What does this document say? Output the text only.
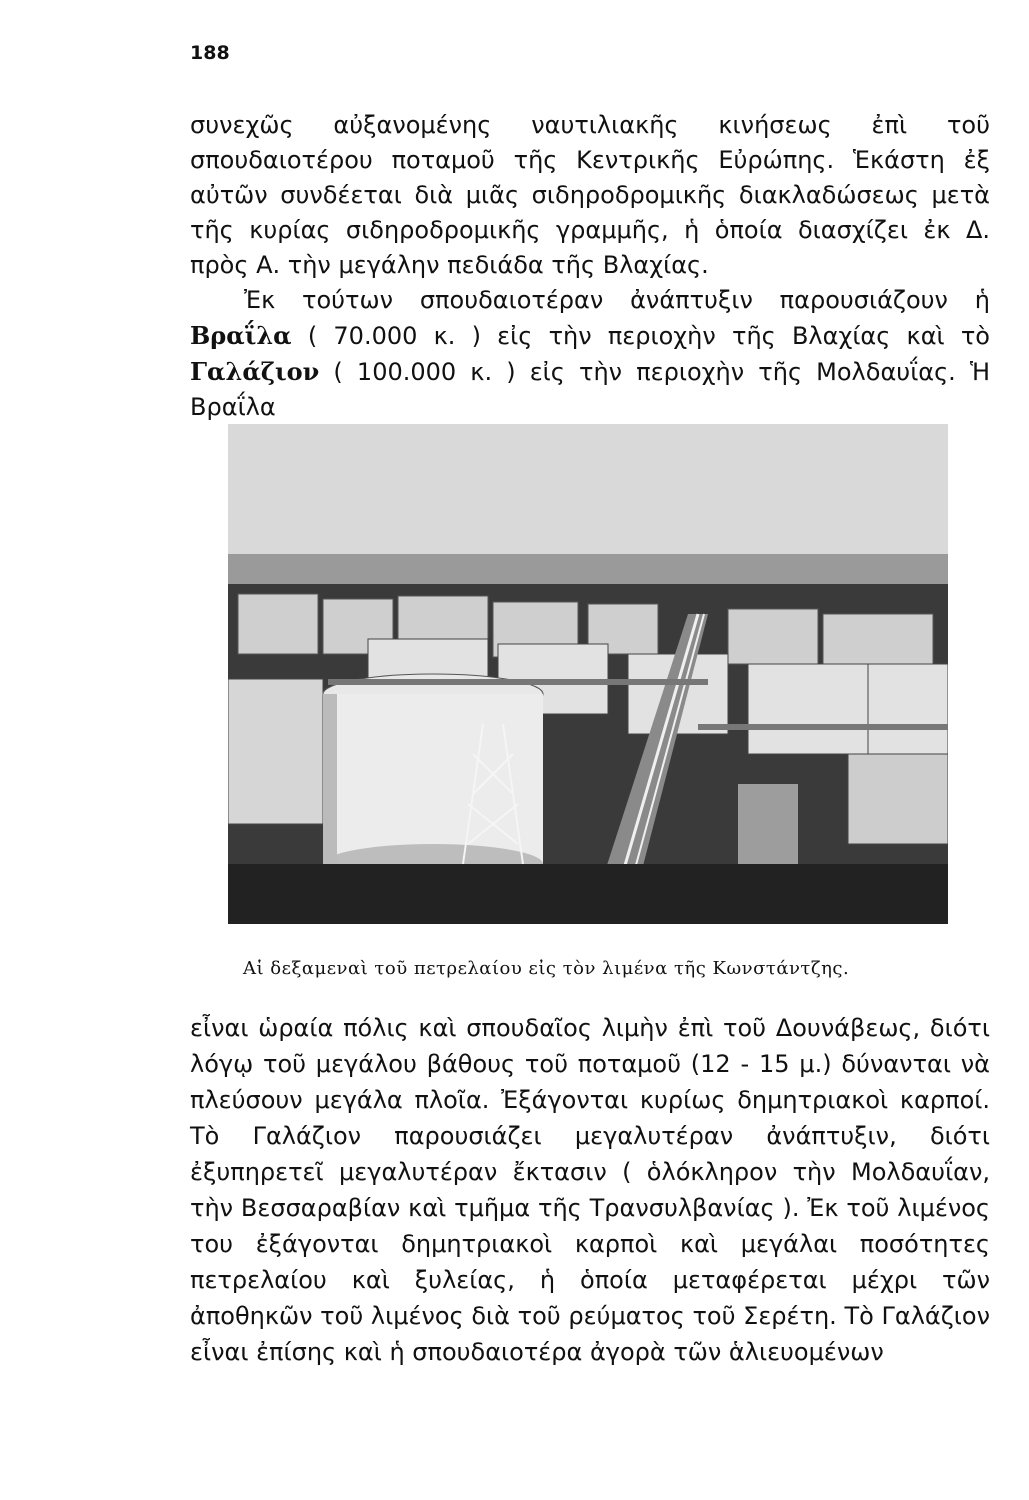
188

συνεχῶς αὐξανομένης ναυτιλιακῆς κινήσεως ἐπὶ τοῦ σπουδαιοτέρου ποταμοῦ τῆς Κεντρικῆς Εὐρώπης. Ἑκάστη ἐξ αὐτῶν συνδέεται διὰ μιᾶς σιδηροδρομικῆς διακλαδώσεως μετὰ τῆς κυρίας σιδηροδρομικῆς γραμμῆς, ἡ ὁποία διασχίζει ἐκ Δ. πρὸς Α. τὴν μεγάλην πεδιάδα τῆς Βλαχίας.

Ἐκ τούτων σπουδαιοτέραν ἀνάπτυξιν παρουσιάζουν ἡ Βραΐλα ( 70.000 κ. ) εἰς τὴν περιοχὴν τῆς Βλαχίας καὶ τὸ Γαλάζιον ( 100.000 κ. ) εἰς τὴν περιοχὴν τῆς Μολδαυΐας. Ἡ Βραΐλα

Αἱ δεξαμεναὶ τοῦ πετρελαίου εἰς τὸν λιμένα τῆς Κωνστάντζης.

εἶναι ὡραία πόλις καὶ σπουδαῖος λιμὴν ἐπὶ τοῦ Δουνάβεως, διότι λόγῳ τοῦ μεγάλου βάθους τοῦ ποταμοῦ (12 - 15 μ.) δύνανται νὰ πλεύσουν μεγάλα πλοῖα. Ἐξάγονται κυρίως δημητριακοὶ καρποί. Τὸ Γαλάζιον παρουσιάζει μεγαλυτέραν ἀνάπτυξιν, διότι ἐξυπηρετεῖ μεγαλυτέραν ἔκτασιν ( ὁλόκληρον τὴν Μολδαυΐαν, τὴν Βεσσαραβίαν καὶ τμῆμα τῆς Τρανσυλβανίας ). Ἐκ τοῦ λιμένος του ἐξάγονται δημητριακοὶ καρποὶ καὶ μεγάλαι ποσότητες πετρελαίου καὶ ξυλείας, ἡ ὁποία μεταφέρεται μέχρι τῶν ἀποθηκῶν τοῦ λιμένος διὰ τοῦ ρεύματος τοῦ Σερέτη. Τὸ Γαλάζιον εἶναι ἐπίσης καὶ ἡ σπουδαιοτέρα ἀγορὰ τῶν ἁλιευομένων
